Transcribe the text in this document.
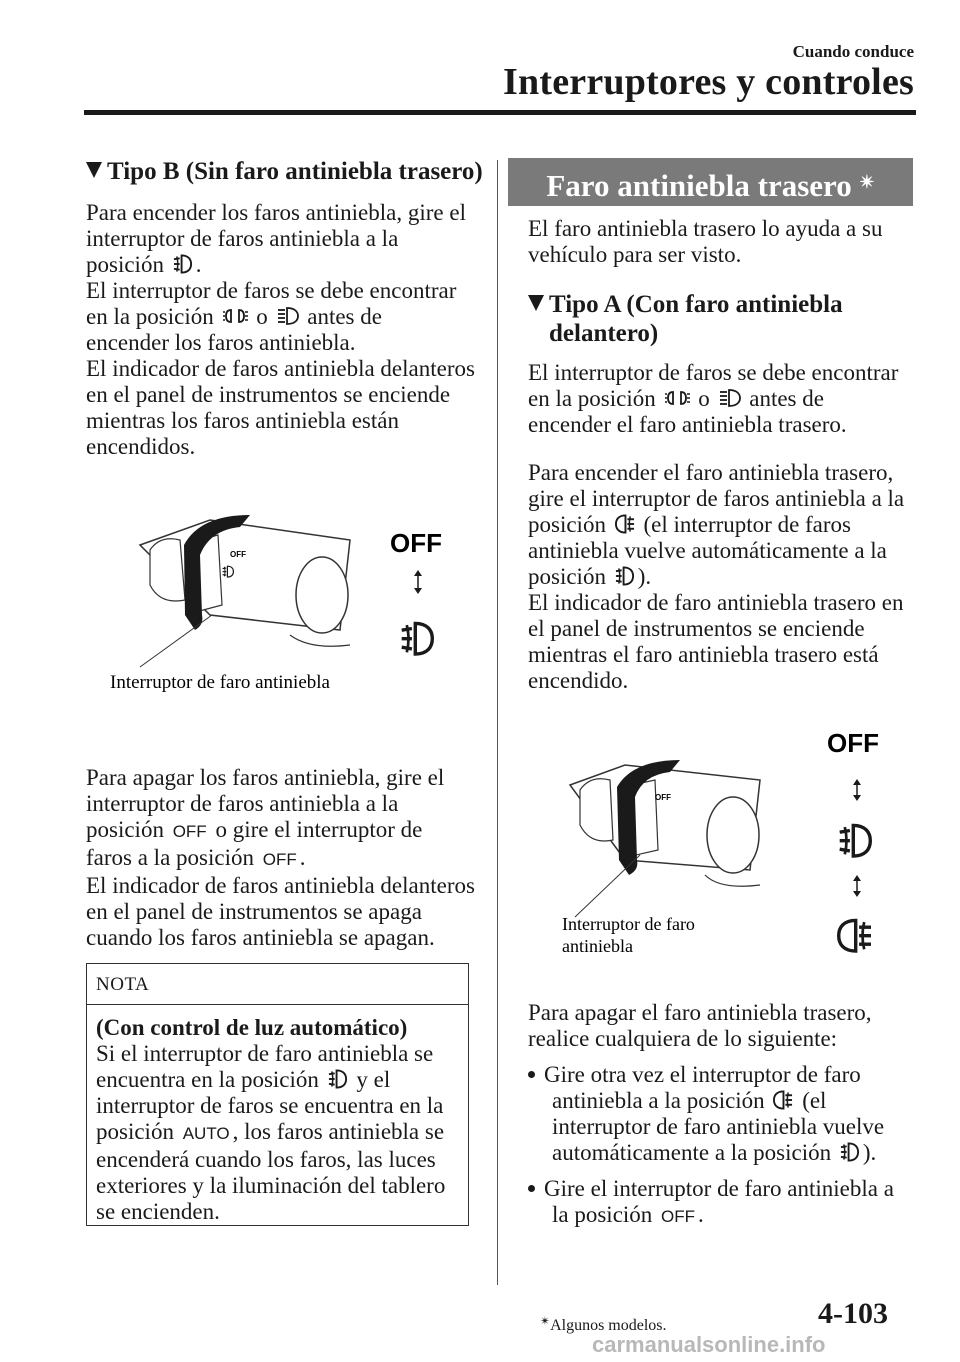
Cuando conduce
Interruptores y controles
Tipo B (Sin faro antiniebla trasero)

Para encender los faros antiniebla, gire el
interruptor de faros antiniebla a la
posición .

El interruptor de faros se debe encontrar
en la posición o antes de
encender los faros antiniebla.

El indicador de faros antiniebla delanteros
en el panel de instrumentos se enciende
mientras los faros antiniebla están
encendidos.

OFF	OFF
Interruptor de faro antiniebla

Para apagar los faros antiniebla, gire el
interruptor de faros antiniebla a la
posición OFF o gire el interruptor de
faros a la posición OFF .

El indicador de faros antiniebla delanteros
en el panel de instrumentos se apaga
cuando los faros antiniebla se apagan.

NOTA

(Con control de luz automático)

Si el interruptor de faro antiniebla se
encuentra en la posición y el
interruptor de faros se encuentra en la
posición AUTO , los faros antiniebla se
encenderá cuando los faros, las luces
exteriores y la iluminación del tablero
se encienden.

Faro antiniebla trasero ✴

El faro antiniebla trasero lo ayuda a su
vehículo para ser visto.

Tipo A (Con faro antiniebla
delantero)

El interruptor de faros se debe encontrar
en la posición o antes de
encender el faro antiniebla trasero.

Para encender el faro antiniebla trasero,
gire el interruptor de faros antiniebla a la
posición (el interruptor de faros
antiniebla vuelve automáticamente a la
posición ).

El indicador de faro antiniebla trasero en
el panel de instrumentos se enciende
mientras el faro antiniebla trasero está
encendido.

OFF
OFF
Interruptor de faro
antiniebla

Para apagar el faro antiniebla trasero,
realice cualquiera de lo siguiente:

Gire otra vez el interruptor de faro
antiniebla a la posición (el
interruptor de faro antiniebla vuelve
automáticamente a la posición ).

Gire el interruptor de faro antiniebla a
la posición OFF .

✴Algunos modelos.	4-103
carmanualsonline.info
